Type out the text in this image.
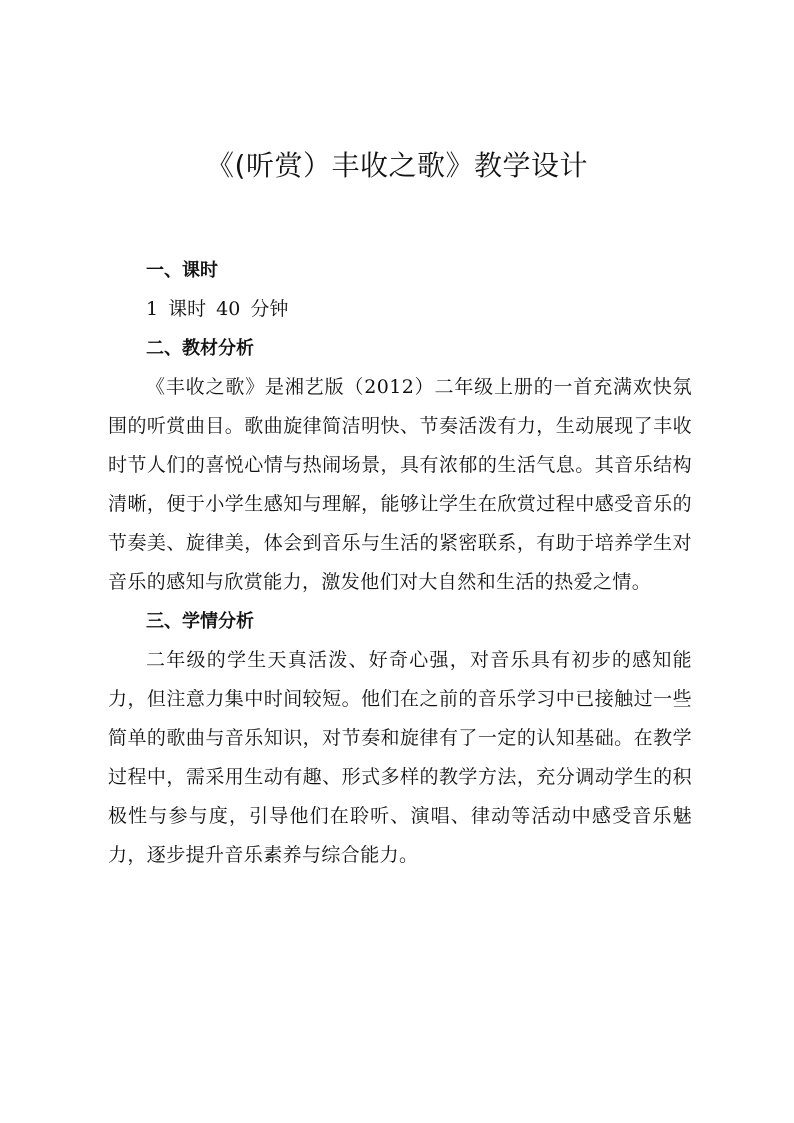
《(听赏）丰收之歌》教学设计

一、课时

1 课时 40 分钟

二、教材分析

《丰收之歌》是湘艺版（2012）二年级上册的一首充满欢快氛围的听赏曲目。歌曲旋律简洁明快、节奏活泼有力，生动展现了丰收时节人们的喜悦心情与热闹场景，具有浓郁的生活气息。其音乐结构清晰，便于小学生感知与理解，能够让学生在欣赏过程中感受音乐的节奏美、旋律美，体会到音乐与生活的紧密联系，有助于培养学生对音乐的感知与欣赏能力，激发他们对大自然和生活的热爱之情。

三、学情分析

二年级的学生天真活泼、好奇心强，对音乐具有初步的感知能力，但注意力集中时间较短。他们在之前的音乐学习中已接触过一些简单的歌曲与音乐知识，对节奏和旋律有了一定的认知基础。在教学过程中，需采用生动有趣、形式多样的教学方法，充分调动学生的积极性与参与度，引导他们在聆听、演唱、律动等活动中感受音乐魅力，逐步提升音乐素养与综合能力。
